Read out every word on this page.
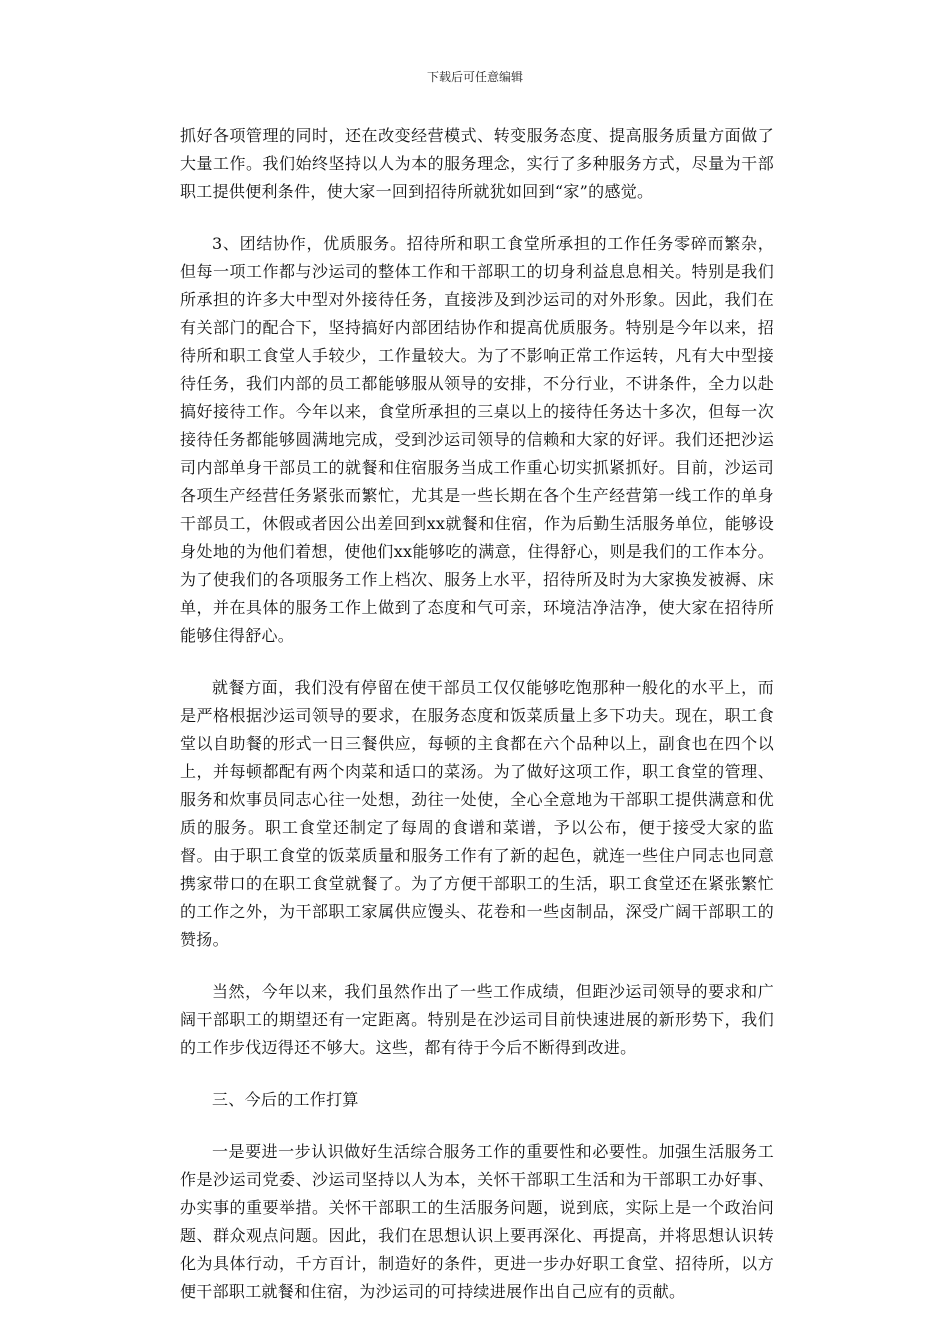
下载后可任意编辑

抓好各项管理的同时，还在改变经营模式、转变服务态度、提高服务质量方面做了大量工作。我们始终坚持以人为本的服务理念，实行了多种服务方式，尽量为干部职工提供便利条件，使大家一回到招待所就犹如回到“家”的感觉。

3、团结协作，优质服务。招待所和职工食堂所承担的工作任务零碎而繁杂，但每一项工作都与沙运司的整体工作和干部职工的切身利益息息相关。特别是我们所承担的许多大中型对外接待任务，直接涉及到沙运司的对外形象。因此，我们在有关部门的配合下，坚持搞好内部团结协作和提高优质服务。特别是今年以来，招待所和职工食堂人手较少，工作量较大。为了不影响正常工作运转，凡有大中型接待任务，我们内部的员工都能够服从领导的安排，不分行业，不讲条件，全力以赴搞好接待工作。今年以来，食堂所承担的三桌以上的接待任务达十多次，但每一次接待任务都能够圆满地完成，受到沙运司领导的信赖和大家的好评。我们还把沙运司内部单身干部员工的就餐和住宿服务当成工作重心切实抓紧抓好。目前，沙运司各项生产经营任务紧张而繁忙，尤其是一些长期在各个生产经营第一线工作的单身干部员工，休假或者因公出差回到xx就餐和住宿，作为后勤生活服务单位，能够设身处地的为他们着想，使他们xx能够吃的满意，住得舒心，则是我们的工作本分。为了使我们的各项服务工作上档次、服务上水平，招待所及时为大家换发被褥、床单，并在具体的服务工作上做到了态度和气可亲，环境洁净洁净，使大家在招待所能够住得舒心。

就餐方面，我们没有停留在使干部员工仅仅能够吃饱那种一般化的水平上，而是严格根据沙运司领导的要求，在服务态度和饭菜质量上多下功夫。现在，职工食堂以自助餐的形式一日三餐供应，每顿的主食都在六个品种以上，副食也在四个以上，并每顿都配有两个肉菜和适口的菜汤。为了做好这项工作，职工食堂的管理、服务和炊事员同志心往一处想，劲往一处使，全心全意地为干部职工提供满意和优质的服务。职工食堂还制定了每周的食谱和菜谱，予以公布，便于接受大家的监督。由于职工食堂的饭菜质量和服务工作有了新的起色，就连一些住户同志也同意携家带口的在职工食堂就餐了。为了方便干部职工的生活，职工食堂还在紧张繁忙的工作之外，为干部职工家属供应馒头、花卷和一些卤制品，深受广阔干部职工的赞扬。

当然，今年以来，我们虽然作出了一些工作成绩，但距沙运司领导的要求和广阔干部职工的期望还有一定距离。特别是在沙运司目前快速进展的新形势下，我们的工作步伐迈得还不够大。这些，都有待于今后不断得到改进。

三、今后的工作打算

一是要进一步认识做好生活综合服务工作的重要性和必要性。加强生活服务工作是沙运司党委、沙运司坚持以人为本，关怀干部职工生活和为干部职工办好事、办实事的重要举措。关怀干部职工的生活服务问题，说到底，实际上是一个政治问题、群众观点问题。因此，我们在思想认识上要再深化、再提高，并将思想认识转化为具体行动，千方百计，制造好的条件，更进一步办好职工食堂、招待所，以方便干部职工就餐和住宿，为沙运司的可持续进展作出自己应有的贡献。
